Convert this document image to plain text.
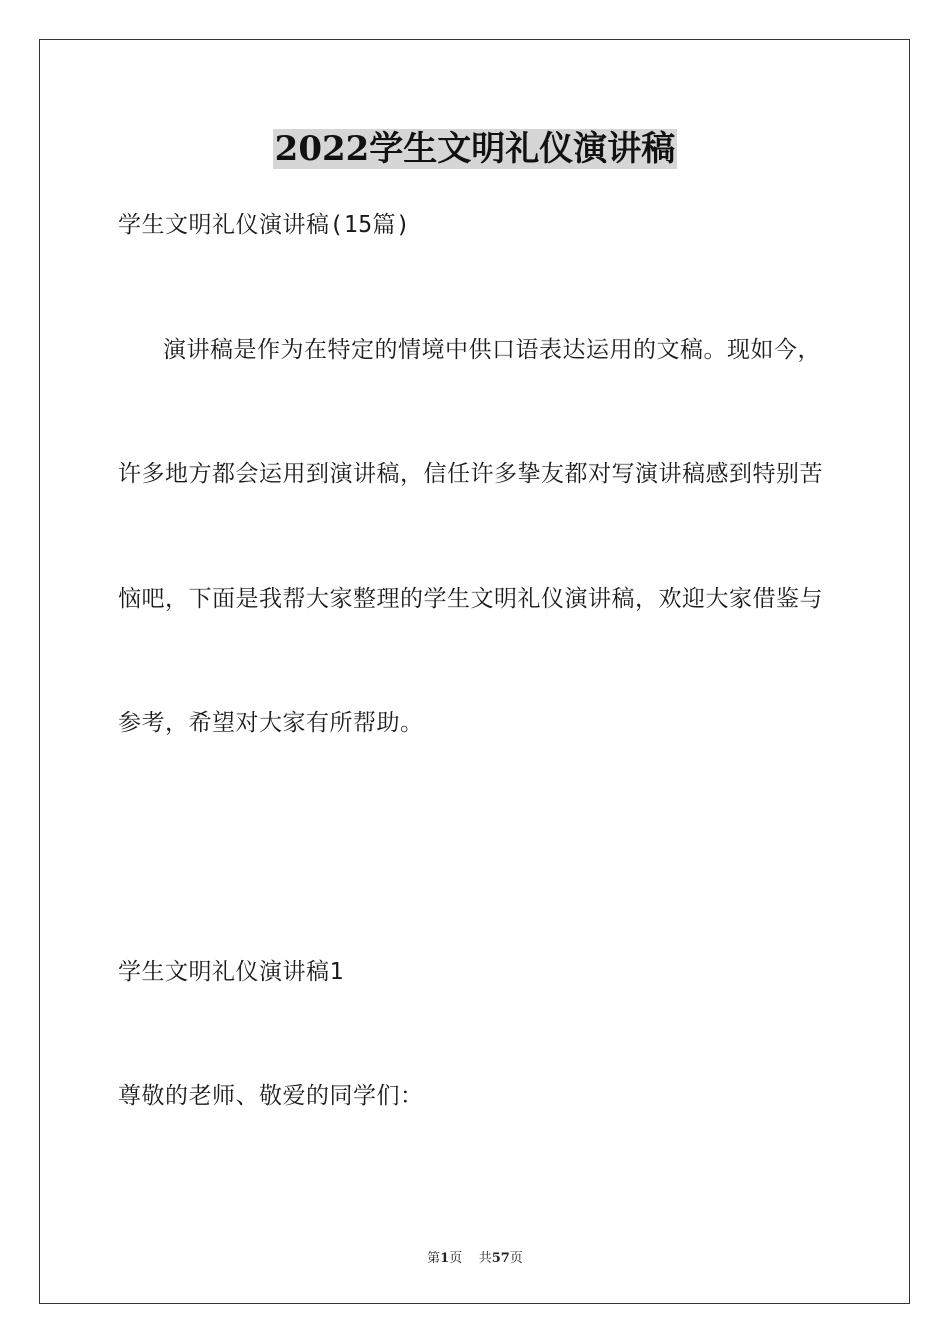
2022学生文明礼仪演讲稿
学生文明礼仪演讲稿(15篇)
演讲稿是作为在特定的情境中供口语表达运用的文稿。现如今，
许多地方都会运用到演讲稿，信任许多挚友都对写演讲稿感到特别苦
恼吧，下面是我帮大家整理的学生文明礼仪演讲稿，欢迎大家借鉴与
参考，希望对大家有所帮助。
学生文明礼仪演讲稿1
尊敬的老师、敬爱的同学们：
第1页 共57页
